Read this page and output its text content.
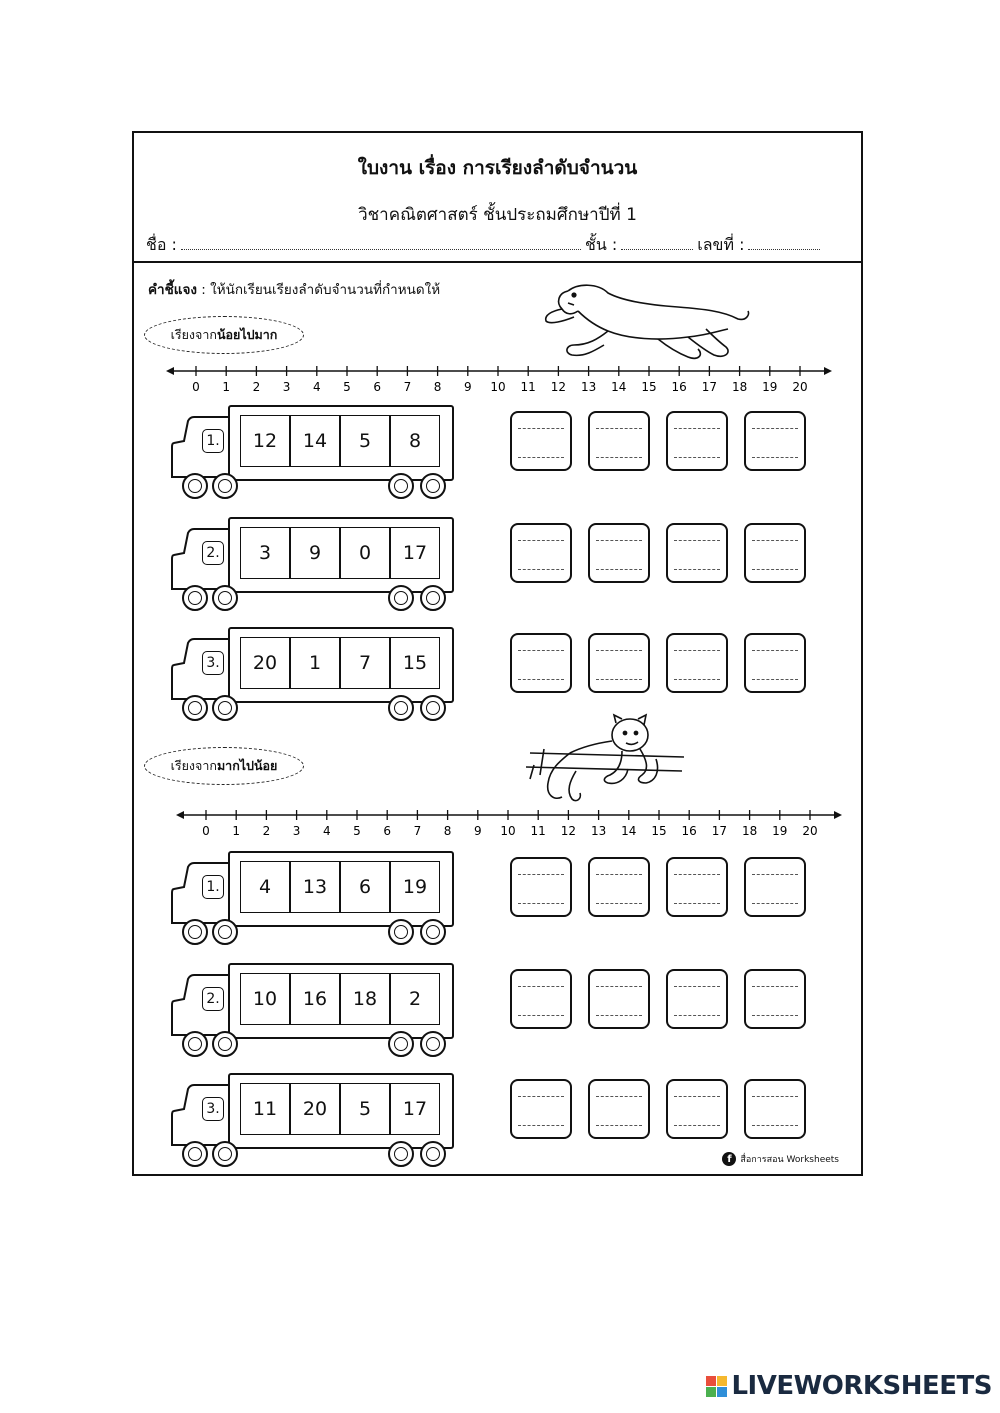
ใบงาน เรื่อง การเรียงลำดับจำนวน
วิชาคณิตศาสตร์ ชั้นประถมศึกษาปีที่ 1
ชื่อ :	ชั้น :	เลขที่ :
คำชี้แจง : ให้นักเรียนเรียงลำดับจำนวนที่กำหนดให้
เรียงจาก น้อยไปมาก
0 1 2 3 4 5 6 7 8 9 10 11 12 13 14 15 16 17 18 19 20
1.	12	14	5	8
2.	3	9	0	17
3.	20	1	7	15
1.	4	13	6	19
2.	10	16	18	2
3.	11	20	5	17
เรียงจาก มากไปน้อย
0 1 2 3 4 5 6 7 8 9 10 11 12 13 14 15 16 17 18 19 20
f สื่อการสอน Worksheets
LIVEWORKSHEETS
